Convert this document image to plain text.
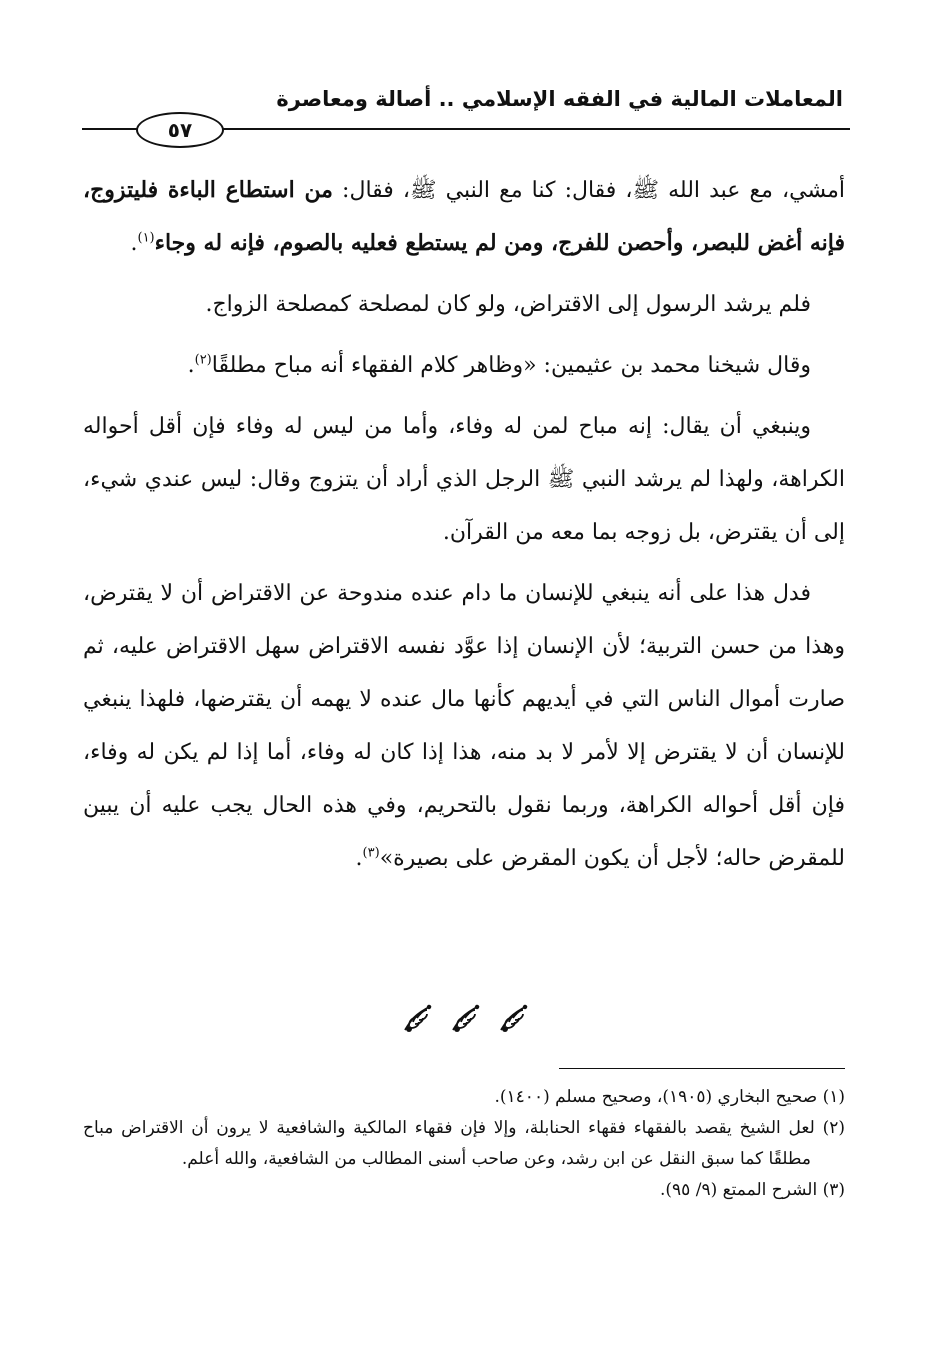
المعاملات المالية في الفقه الإسلامي .. أصالة ومعاصرة
٥٧

أمشي، مع عبد الله ﷺ، فقال: كنا مع النبي ﷺ، فقال: من استطاع الباءة فليتزوج، فإنه أغض للبصر، وأحصن للفرج، ومن لم يستطع فعليه بالصوم، فإنه له وجاء$^{(١)}$.

فلم يرشد الرسول إلى الاقتراض، ولو كان لمصلحة كمصلحة الزواج.

وقال شيخنا محمد بن عثيمين: «وظاهر كلام الفقهاء أنه مباح مطلقًا$^{(٢)}$.

وينبغي أن يقال: إنه مباح لمن له وفاء، وأما من ليس له وفاء فإن أقل أحواله الكراهة، ولهذا لم يرشد النبي ﷺ الرجل الذي أراد أن يتزوج وقال: ليس عندي شيء، إلى أن يقترض، بل زوجه بما معه من القرآن.

فدل هذا على أنه ينبغي للإنسان ما دام عنده مندوحة عن الاقتراض أن لا يقترض، وهذا من حسن التربية؛ لأن الإنسان إذا عوَّد نفسه الاقتراض سهل الاقتراض عليه، ثم صارت أموال الناس التي في أيديهم كأنها مال عنده لا يهمه أن يقترضها، فلهذا ينبغي للإنسان أن لا يقترض إلا لأمر لا بد منه، هذا إذا كان له وفاء، أما إذا لم يكن له وفاء، فإن أقل أحواله الكراهة، وربما نقول بالتحريم، وفي هذه الحال يجب عليه أن يبين للمقرض حاله؛ لأجل أن يكون المقرض على بصيرة»$^{(٣)}$.

(١) صحيح البخاري (١٩٠٥)، وصحيح مسلم (١٤٠٠).

(٢) لعل الشيخ يقصد بالفقهاء فقهاء الحنابلة، وإلا فإن فقهاء المالكية والشافعية لا يرون أن الاقتراض مباح مطلقًا كما سبق النقل عن ابن رشد، وعن صاحب أسنى المطالب من الشافعية، والله أعلم.

(٣) الشرح الممتع (٩/ ٩٥).
